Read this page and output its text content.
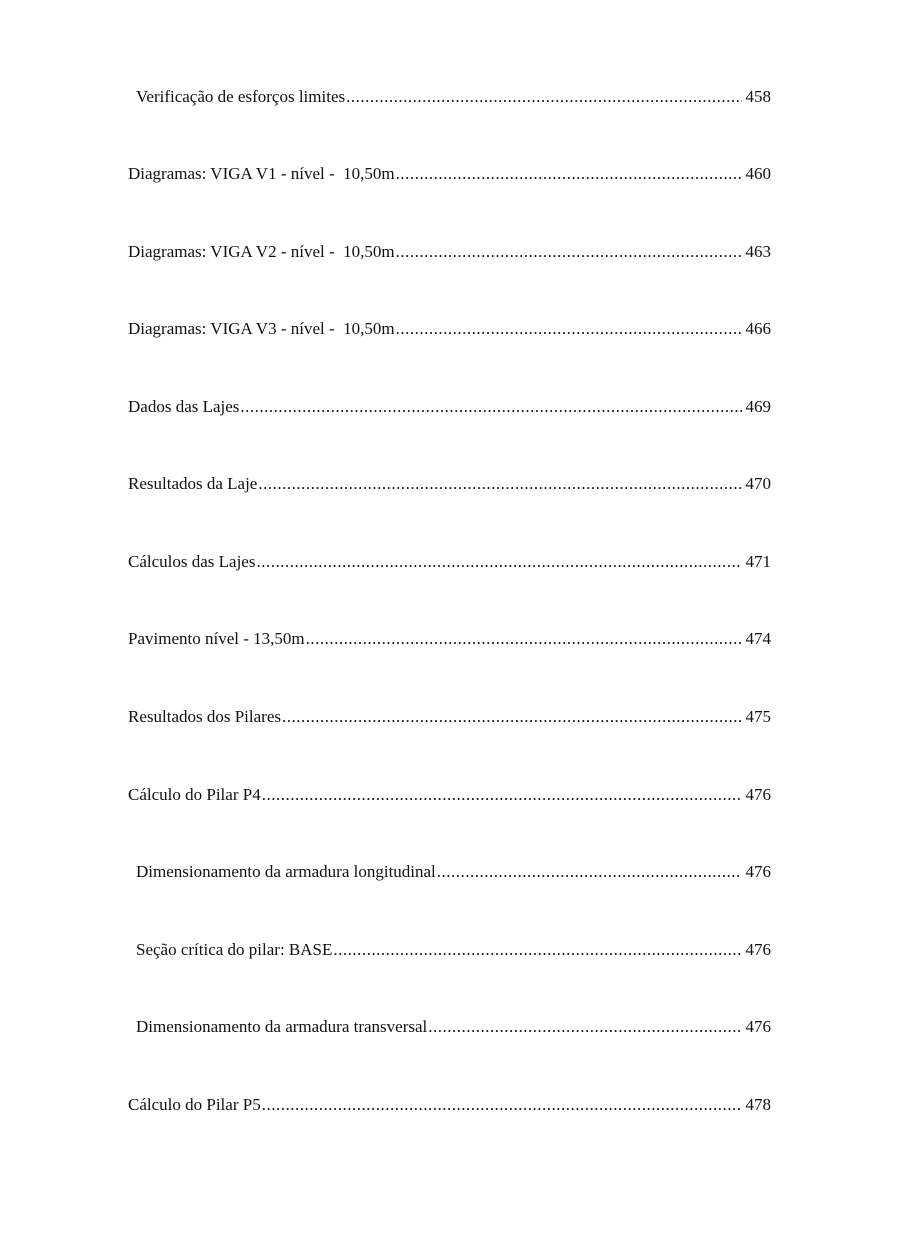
Verificação de esforços limites .....	458
Diagramas: VIGA V1 - nível -  10,50m .....	460
Diagramas: VIGA V2 - nível -  10,50m .....	463
Diagramas: VIGA V3 - nível -  10,50m .....	466
Dados das Lajes .....	469
Resultados da Laje .....	470
Cálculos das Lajes .....	471
Pavimento nível - 13,50m .....	474
Resultados dos Pilares .....	475
Cálculo do Pilar P4 .....	476
Dimensionamento da armadura longitudinal .....	476
Seção crítica do pilar: BASE .....	476
Dimensionamento da armadura transversal .....	476
Cálculo do Pilar P5 .....	478
